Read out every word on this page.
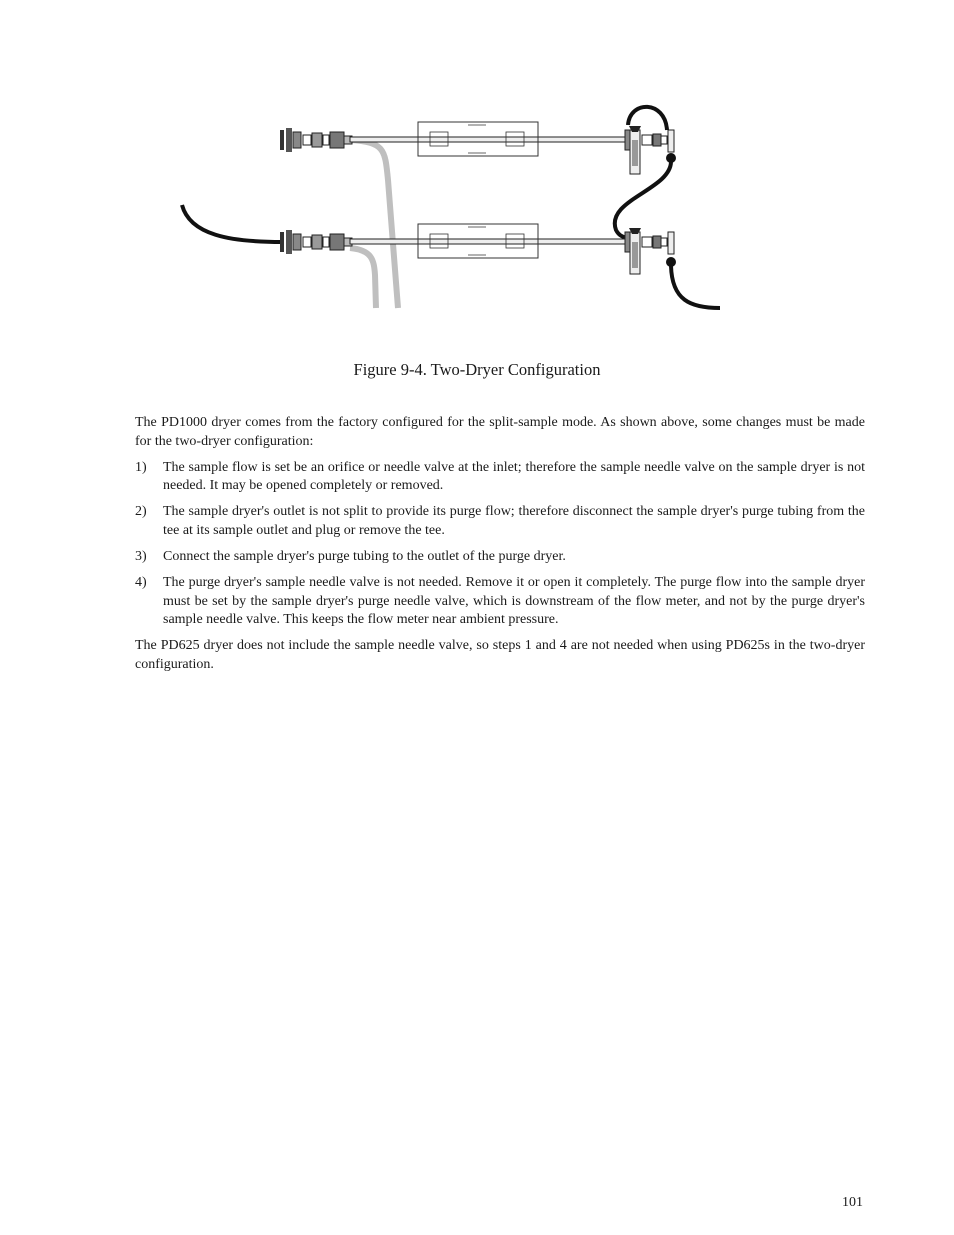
Figure 9-4. Two-Dryer Configuration

The PD1000 dryer comes from the factory configured for the split-sample mode. As shown above, some changes must be made for the two-dryer configuration:

1) The sample flow is set be an orifice or needle valve at the inlet; therefore the sample needle valve on the sample dryer is not needed. It may be opened completely or removed.
2) The sample dryer's outlet is not split to provide its purge flow; therefore disconnect the sample dryer's purge tubing from the tee at its sample outlet and plug or remove the tee.
3) Connect the sample dryer's purge tubing to the outlet of the purge dryer.
4) The purge dryer's sample needle valve is not needed. Remove it or open it completely. The purge flow into the sample dryer must be set by the sample dryer's purge needle valve, which is downstream of the flow meter, and not by the purge dryer's sample needle valve. This keeps the flow meter near ambient pressure.

The PD625 dryer does not include the sample needle valve, so steps 1 and 4 are not needed when using PD625s in the two-dryer configuration.

101
